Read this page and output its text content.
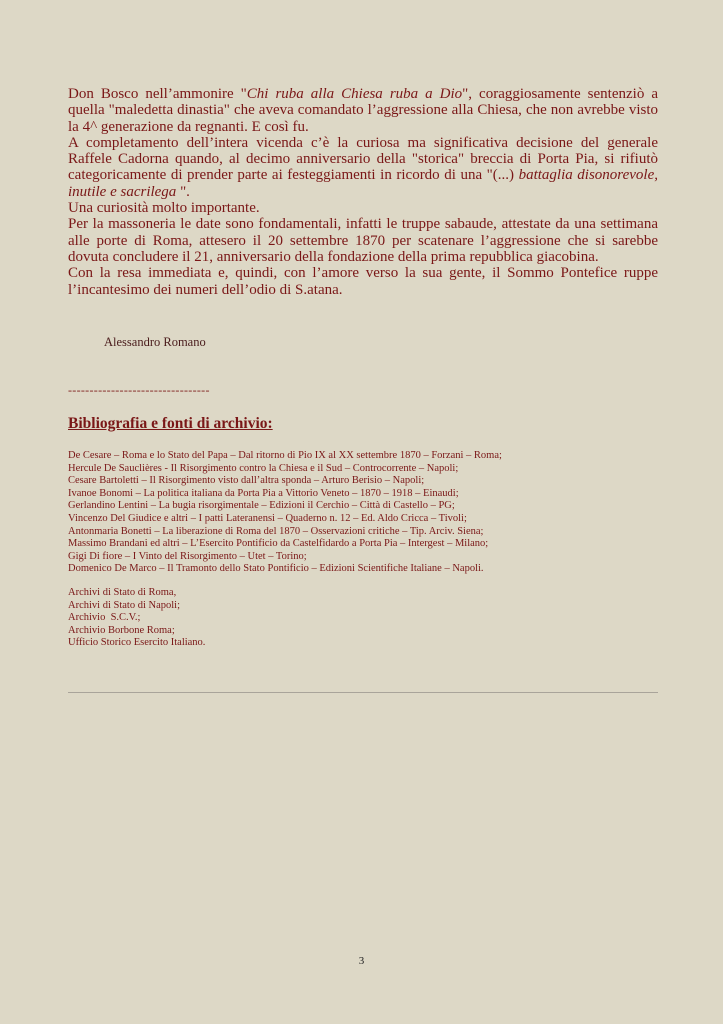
Don Bosco nell’ammonire "Chi ruba alla Chiesa ruba a Dio", coraggiosamente sentenziò a quella "maledetta dinastia" che aveva comandato l’aggressione alla Chiesa, che non avrebbe visto la 4^ generazione da regnanti. E così fu.

A completamento dell’intera vicenda c’è la curiosa ma significativa decisione del generale Raffele Cadorna quando, al decimo anniversario della "storica" breccia di Porta Pia, si rifiutò categoricamente di prender parte ai festeggiamenti in ricordo di una "(...) battaglia disonorevole, inutile e sacrilega ".

Una curiosità molto importante.

Per la massoneria le date sono fondamentali, infatti le truppe sabaude, attestate da una settimana alle porte di Roma, attesero il 20 settembre 1870 per scatenare l’aggressione che si sarebbe dovuta concludere il 21, anniversario della fondazione della prima repubblica giacobina.

Con la resa immediata e, quindi, con l’amore verso la sua gente, il Sommo Pontefice ruppe l’incantesimo dei numeri dell’odio di S.atana.

Alessandro Romano

---------------------------------

Bibliografia e fonti di archivio:

De Cesare – Roma e lo Stato del Papa – Dal ritorno di Pio IX al XX settembre 1870 – Forzani – Roma;
Hercule De Sauclières - Il Risorgimento contro la Chiesa e il Sud – Controcorrente – Napoli;
Cesare Bartoletti – Il Risorgimento visto dall’altra sponda – Arturo Berisio – Napoli;
Ivanoe Bonomi – La politica italiana da Porta Pia a Vittorio Veneto – 1870 – 1918 – Einaudi;
Gerlandino Lentini – La bugia risorgimentale – Edizioni il Cerchio – Città di Castello – PG;
Vincenzo Del Giudice e altri – I patti Lateranensi – Quaderno n. 12 – Ed. Aldo Cricca – Tivoli;
Antonmaria Bonetti – La liberazione di Roma del 1870 – Osservazioni critiche – Tip. Arciv. Siena;
Massimo Brandani ed altri – L’Esercito Pontificio da Castelfidardo a Porta Pia – Intergest – Milano;
Gigi Di fiore – I Vinto del Risorgimento – Utet – Torino;
Domenico De Marco – Il Tramonto dello Stato Pontificio – Edizioni Scientifiche Italiane – Napoli.
Archivi di Stato di Roma,
Archivi di Stato di Napoli;
Archivio  S.C.V.;
Archivio Borbone Roma;
Ufficio Storico Esercito Italiano.

3
